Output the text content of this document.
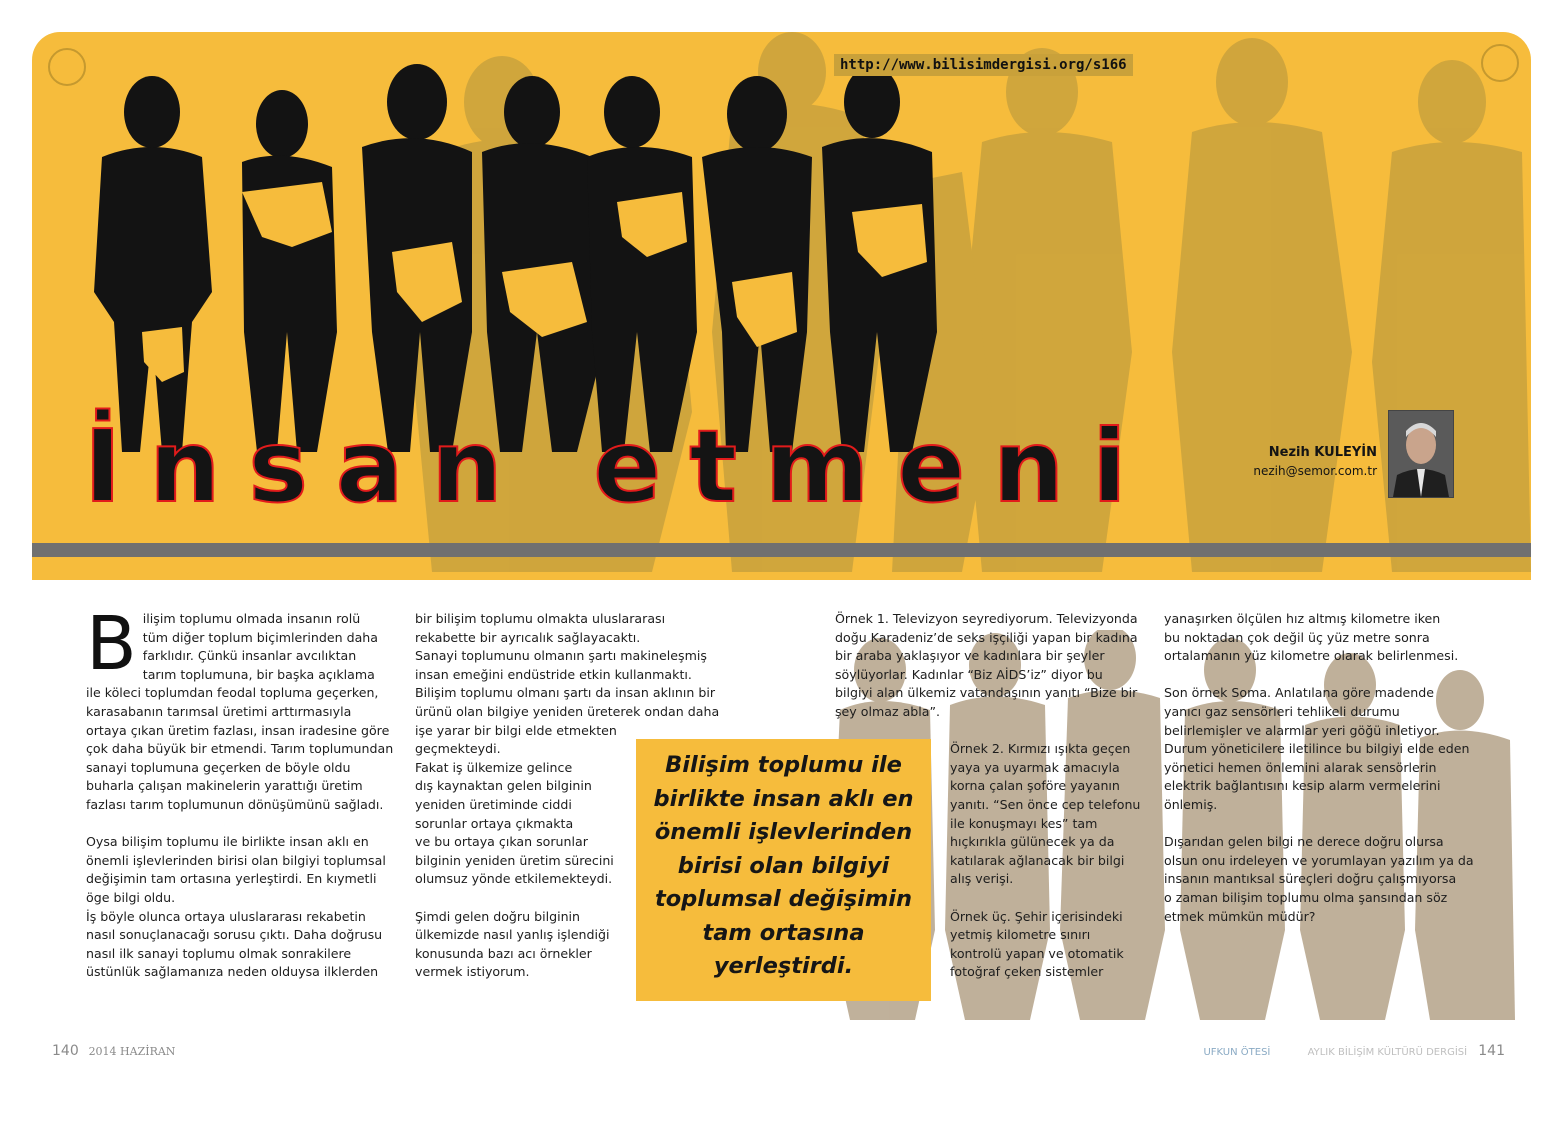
http://www.bilisimdergisi.org/s166
İnsan etmeni	Nezih KULEYİN
nezih@semor.com.tr

Bilişim toplumu olmada insanın rolü
tüm diğer toplum biçimlerinden daha
farklıdır. Çünkü insanlar avcılıktan
tarım toplumuna, bir başka açıklama
ile köleci toplumdan feodal topluma geçerken,
karasabanın tarımsal üretimi arttırmasıyla
ortaya çıkan üretim fazlası, insan iradesine göre
çok daha büyük bir etmendi. Tarım toplumundan
sanayi toplumuna geçerken de böyle oldu
buharla çalışan makinelerin yarattığı üretim
fazlası tarım toplumunun dönüşümünü sağladı.

Oysa bilişim toplumu ile birlikte insan aklı en
önemli işlevlerinden birisi olan bilgiyi toplumsal
değişimin tam ortasına yerleştirdi. En kıymetli
öge bilgi oldu.
İş böyle olunca ortaya uluslararası rekabetin
nasıl sonuçlanacağı sorusu çıktı. Daha doğrusu
nasıl ilk sanayi toplumu olmak sonrakilere
üstünlük sağlamanıza neden olduysa ilklerden

bir bilişim toplumu olmakta uluslararası
rekabette bir ayrıcalık sağlayacaktı.
Sanayi toplumunu olmanın şartı makineleşmiş
insan emeğini endüstride etkin kullanmaktı.
Bilişim toplumu olmanı şartı da insan aklının bir
ürünü olan bilgiye yeniden üreterek ondan daha
işe yarar bir bilgi elde etmekten
geçmekteydi.
Fakat iş ülkemize gelince
dış kaynaktan gelen bilginin
yeniden üretiminde ciddi
sorunlar ortaya çıkmakta
ve bu ortaya çıkan sorunlar
bilginin yeniden üretim sürecini
olumsuz yönde etkilemekteydi.

Şimdi gelen doğru bilginin
ülkemizde nasıl yanlış işlendiği
konusunda bazı acı örnekler
vermek istiyorum.

Örnek 1. Televizyon seyrediyorum. Televizyonda
doğu Karadeniz’de seks işçiliği yapan bir kadına
bir araba yaklaşıyor ve kadınlara bir şeyler
söylüyorlar. Kadınlar “Biz AİDS’iz” diyor bu
bilgiyi alan ülkemiz vatandaşının yanıtı “Bize bir
şey olmaz abla”.

Örnek 2. Kırmızı ışıkta geçen
yaya ya uyarmak amacıyla
korna çalan şoföre yayanın
yanıtı. “Sen önce cep telefonu
ile konuşmayı kes” tam
hıçkırıkla gülünecek ya da
katılarak ağlanacak bir bilgi
alış verişi.

Örnek üç. Şehir içerisindeki
yetmiş kilometre sınırı
kontrolü yapan ve otomatik
fotoğraf çeken sistemler

yanaşırken ölçülen hız altmış kilometre iken
bu noktadan çok değil üç yüz metre sonra
ortalamanın yüz kilometre olarak belirlenmesi.

Son örnek Soma. Anlatılana göre madende
yanıcı gaz sensörleri tehlikeli durumu
belirlemişler ve alarmlar yeri göğü inletiyor.
Durum yöneticilere iletilince bu bilgiyi elde eden
yönetici hemen önlemini alarak sensörlerin
elektrik bağlantısını kesip alarm vermelerini
önlemiş.

Dışarıdan gelen bilgi ne derece doğru olursa
olsun onu irdeleyen ve yorumlayan yazılım ya da
insanın mantıksal süreçleri doğru çalışmıyorsa
o zaman bilişim toplumu olma şansından söz
etmek mümkün müdür?

Bilişim toplumu ile
birlikte insan aklı en
önemli işlevlerinden
birisi olan bilgiyi
toplumsal değişimin
tam ortasına
yerleştirdi.
140 2014 HAZİRAN	UFKUN ÖTESİ	AYLIK BİLİŞİM KÜLTÜRÜ DERGİSİ 141
